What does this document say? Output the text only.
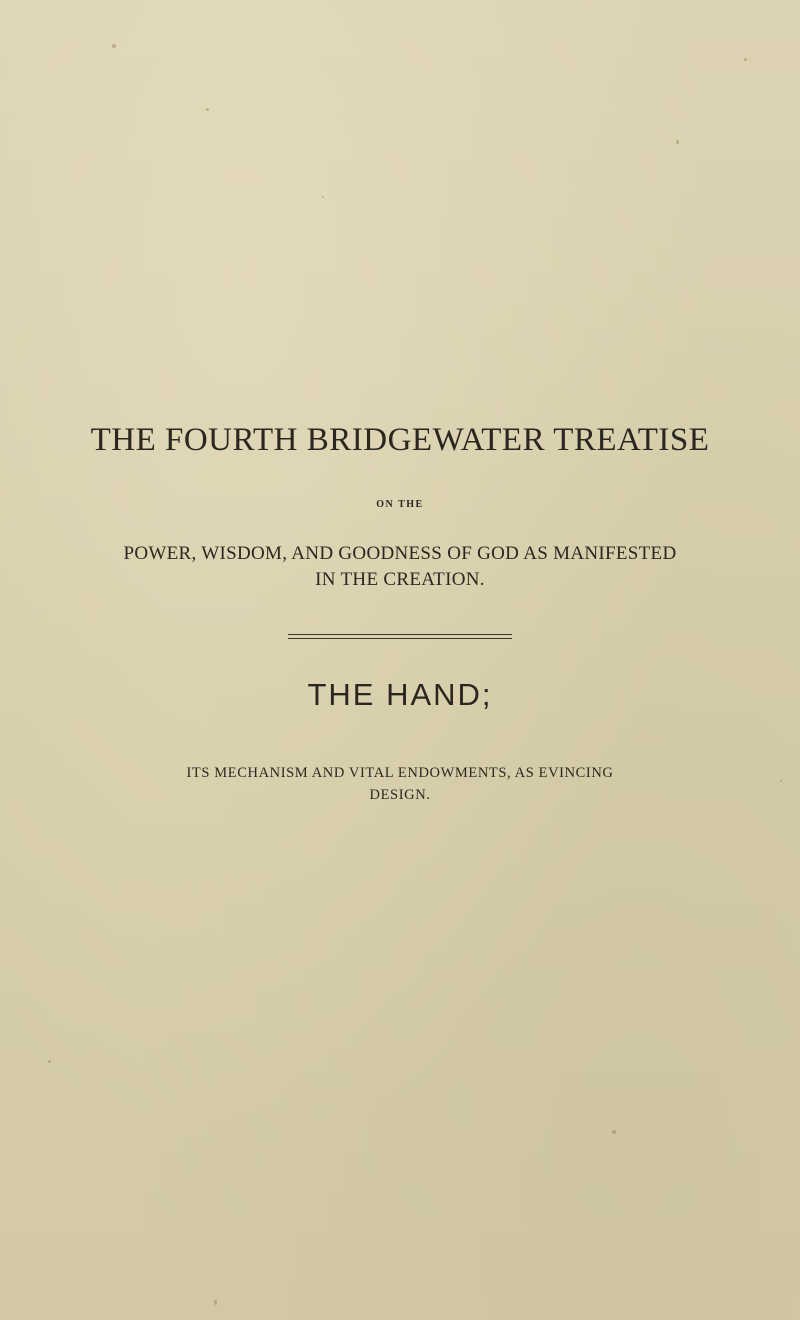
THE FOURTH BRIDGEWATER TREATISE
ON THE
POWER, WISDOM, AND GOODNESS OF GOD AS MANIFESTED
IN THE CREATION.
THE HAND;
ITS MECHANISM AND VITAL ENDOWMENTS, AS EVINCING
DESIGN.
